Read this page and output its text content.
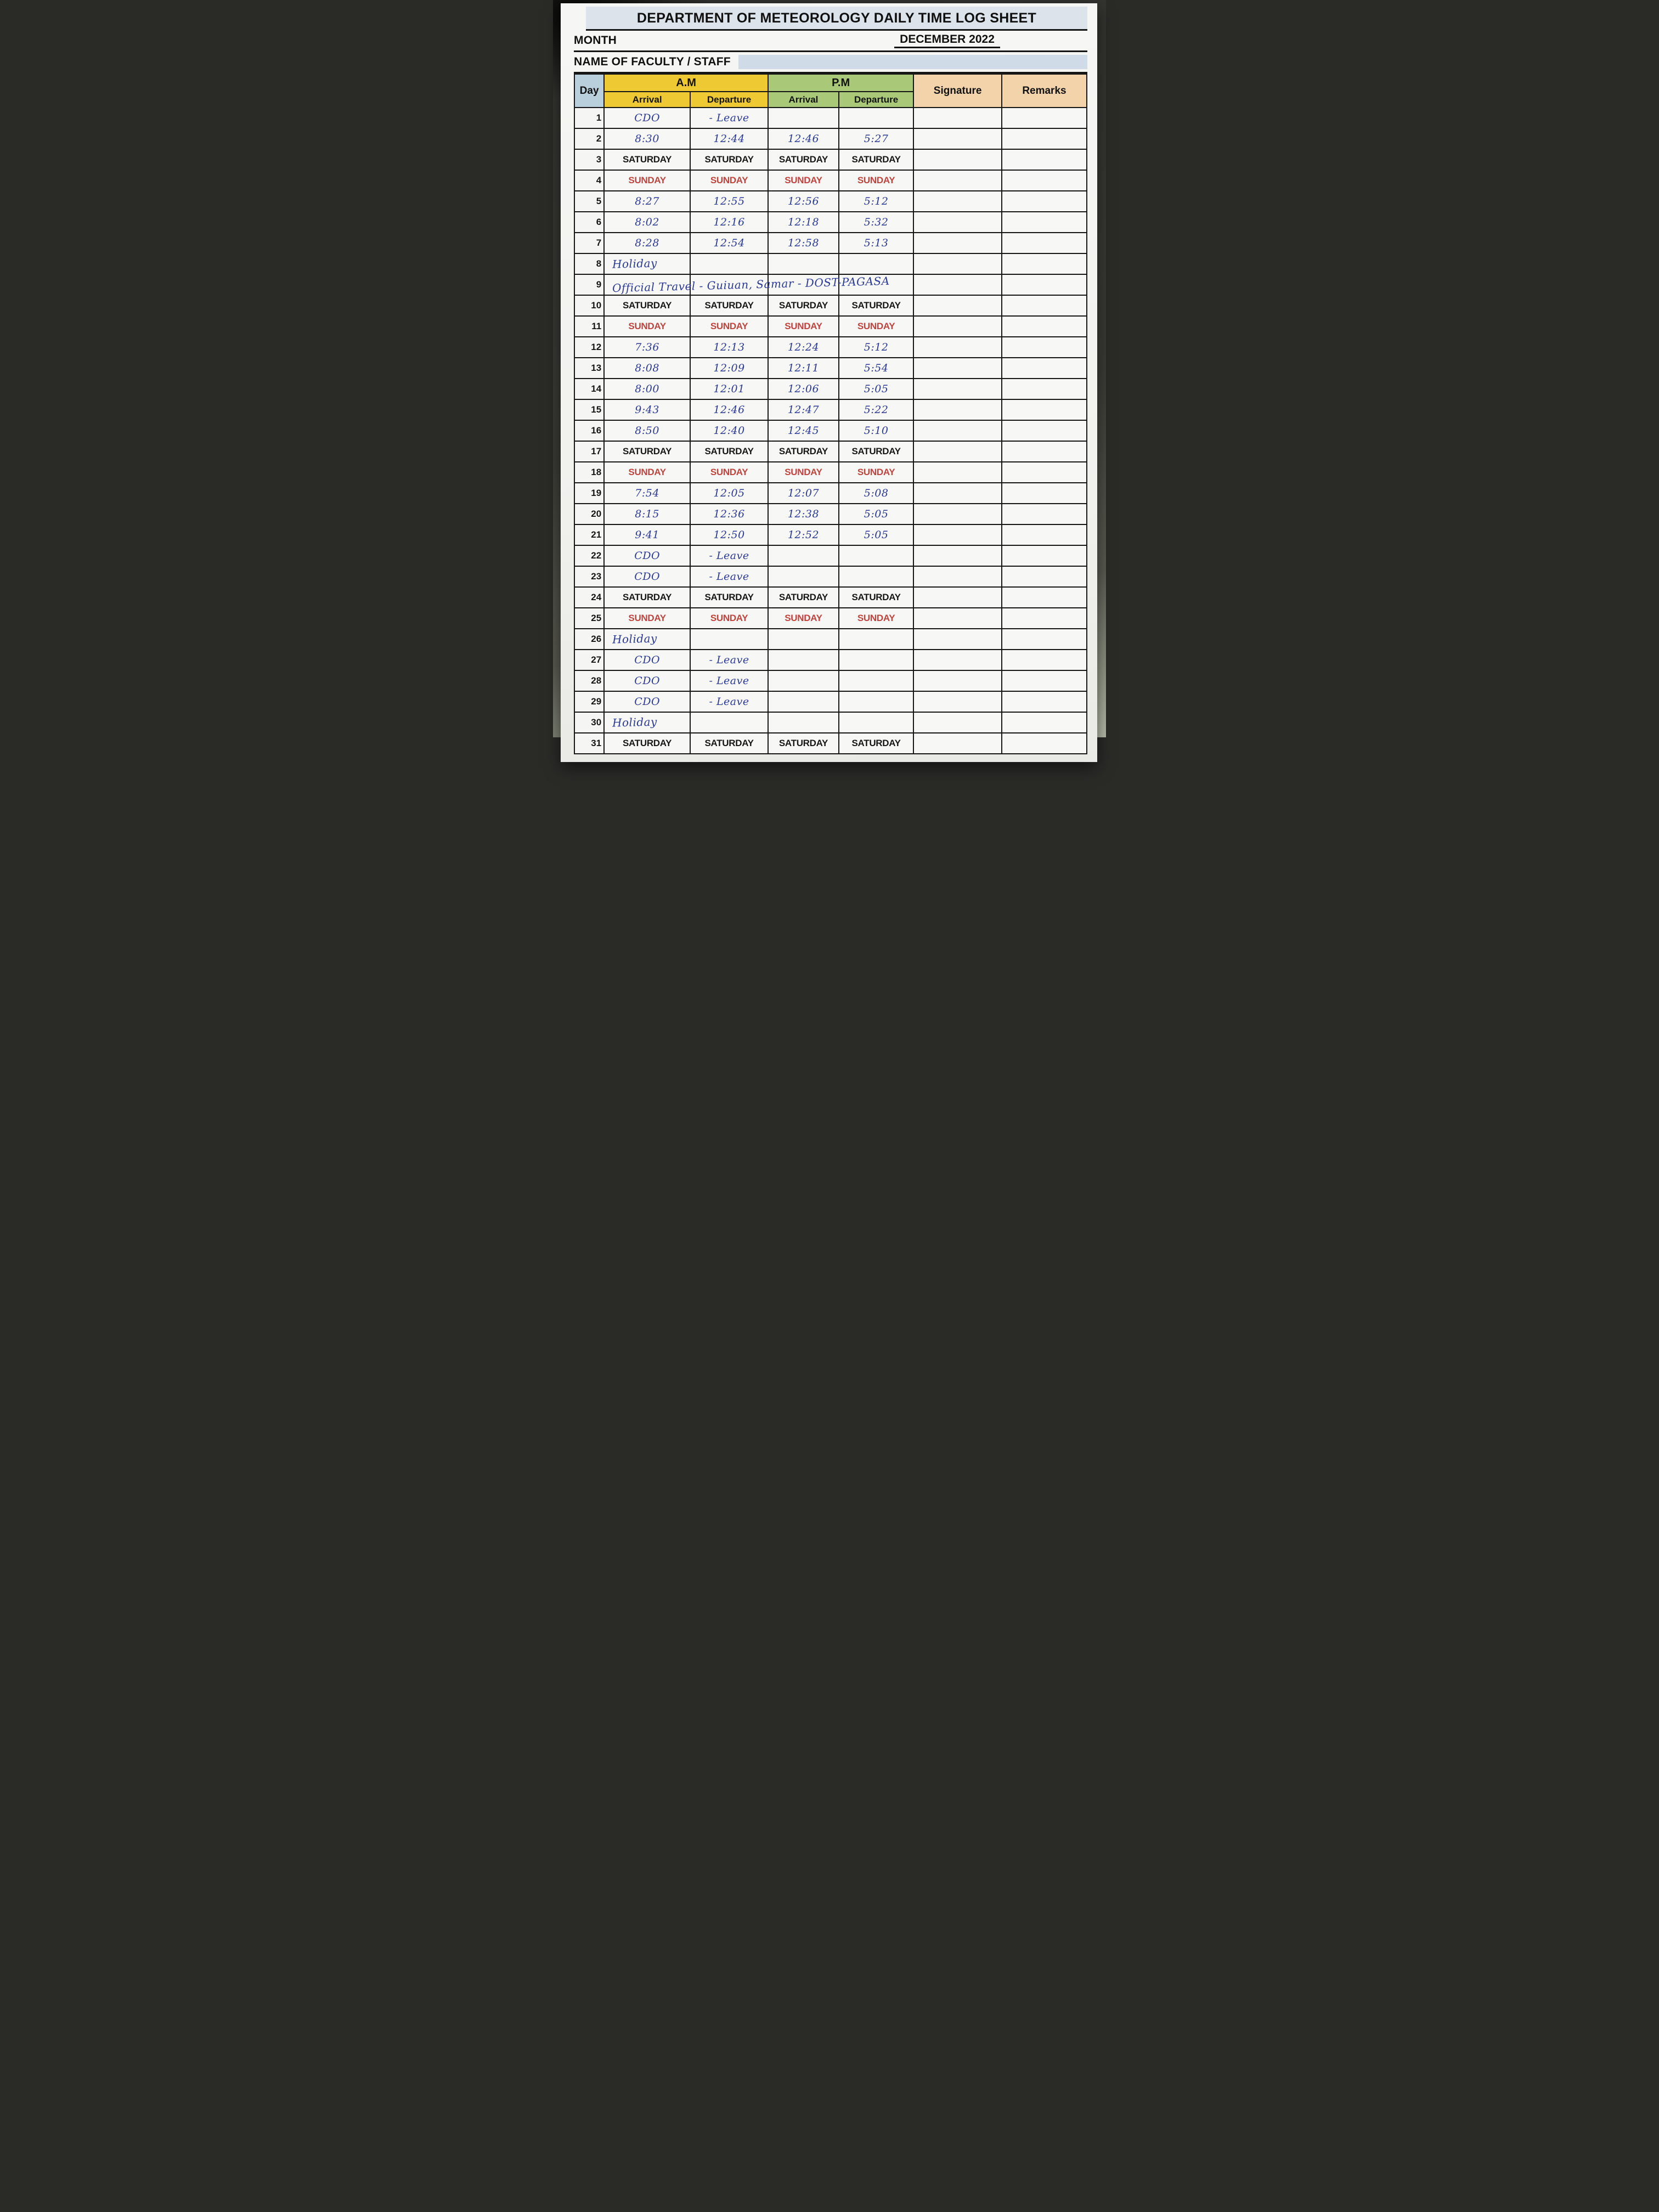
DEPARTMENT OF METEOROLOGY DAILY TIME LOG SHEET
MONTH	DECEMBER 2022
NAME OF FACULTY / STAFF
Day	A.M		P.M		Signature	Remarks
	Arrival	Departure	Arrival	Departure		
1	CDO	- Leave				
2	8:30	12:44	12:46	5:27		
3	SATURDAY	SATURDAY	SATURDAY	SATURDAY		
4	SUNDAY	SUNDAY	SUNDAY	SUNDAY		
5	8:27	12:55	12:56	5:12		
6	8:02	12:16	12:18	5:32		
7	8:28	12:54	12:58	5:13		
8	Holiday					

9	Official Travel - Guiuan, Samar - DOST-PAGASA					

10	SATURDAY	SATURDAY	SATURDAY	SATURDAY		
11	SUNDAY	SUNDAY	SUNDAY	SUNDAY		
12	7:36	12:13	12:24	5:12		
13	8:08	12:09	12:11	5:54		
14	8:00	12:01	12:06	5:05		
15	9:43	12:46	12:47	5:22		
16	8:50	12:40	12:45	5:10		
17	SATURDAY	SATURDAY	SATURDAY	SATURDAY		
18	SUNDAY	SUNDAY	SUNDAY	SUNDAY		
19	7:54	12:05	12:07	5:08		
20	8:15	12:36	12:38	5:05		
21	9:41	12:50	12:52	5:05		
22	CDO	- Leave				
23	CDO	- Leave				
24	SATURDAY	SATURDAY	SATURDAY	SATURDAY		
25	SUNDAY	SUNDAY	SUNDAY	SUNDAY		
26	Holiday					

27	CDO	- Leave				
28	CDO	- Leave				
29	CDO	- Leave				
30	Holiday					

31	SATURDAY	SATURDAY	SATURDAY	SATURDAY		
